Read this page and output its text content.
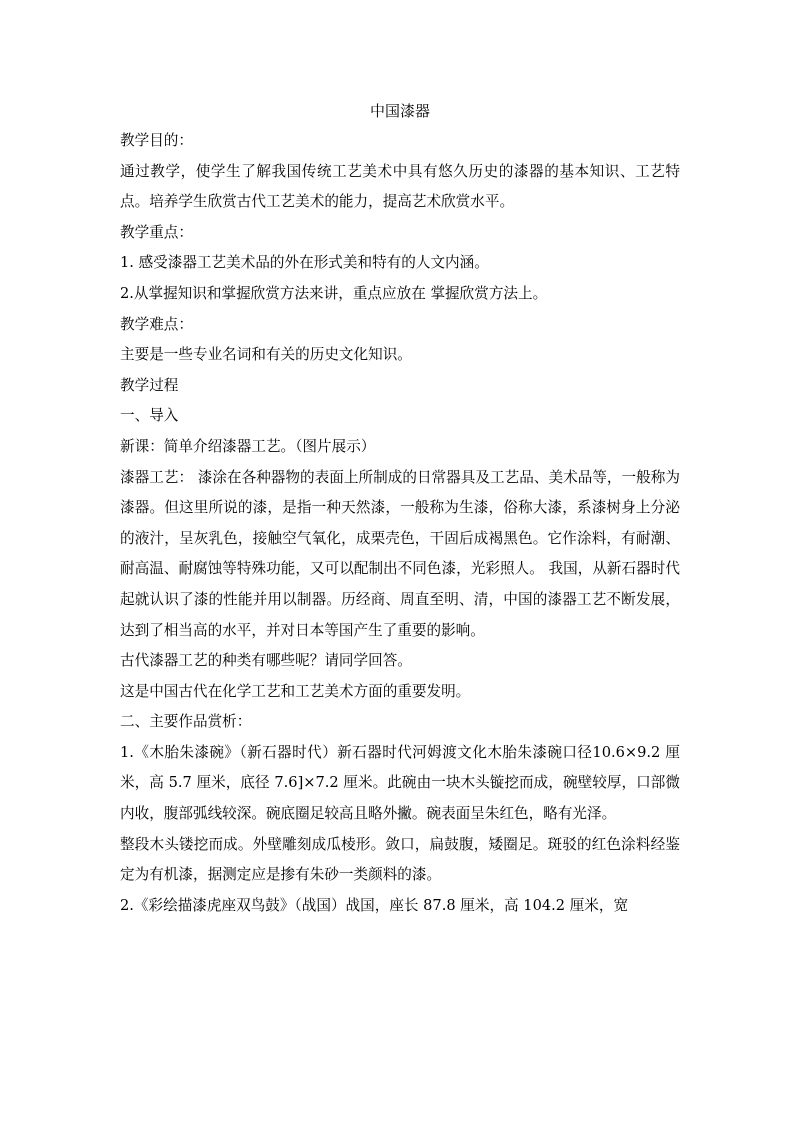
中国漆器

教学目的：

通过教学，使学生了解我国传统工艺美术中具有悠久历史的漆器的基本知识、工艺特点。培养学生欣赏古代工艺美术的能力，提高艺术欣赏水平。

教学重点：

1. 感受漆器工艺美术品的外在形式美和特有的人文内涵。

2.从掌握知识和掌握欣赏方法来讲，重点应放在 掌握欣赏方法上。

教学难点：

主要是一些专业名词和有关的历史文化知识。

教学过程

一、导入

新课：简单介绍漆器工艺。（图片展示）

漆器工艺： 漆涂在各种器物的表面上所制成的日常器具及工艺品、美术品等，一般称为漆器。但这里所说的漆，是指一种天然漆，一般称为生漆，俗称大漆，系漆树身上分泌的液汁，呈灰乳色，接触空气氧化，成栗壳色，干固后成褐黑色。它作涂料，有耐潮、耐高温、耐腐蚀等特殊功能，又可以配制出不同色漆，光彩照人。 我国，从新石器时代起就认识了漆的性能并用以制器。历经商、周直至明、清，中国的漆器工艺不断发展，达到了相当高的水平，并对日本等国产生了重要的影响。

古代漆器工艺的种类有哪些呢？请同学回答。

这是中国古代在化学工艺和工艺美术方面的重要发明。

二、主要作品赏析：

1.《木胎朱漆碗》（新石器时代）新石器时代河姆渡文化木胎朱漆碗口径10.6×9.2 厘米，高 5.7 厘米，底径 7.6]×7.2 厘米。此碗由一块木头镟挖而成，碗壁较厚，口部微内收，腹部弧线较深。碗底圈足较高且略外撇。碗表面呈朱红色，略有光泽。

整段木头镂挖而成。外壁雕刻成瓜棱形。敛口，扁鼓腹，矮圈足。斑驳的红色涂料经鉴定为有机漆，据测定应是掺有朱砂一类颜料的漆。

2.《彩绘描漆虎座双鸟鼓》（战国）战国，座长 87.8 厘米，高 104.2 厘米，宽
